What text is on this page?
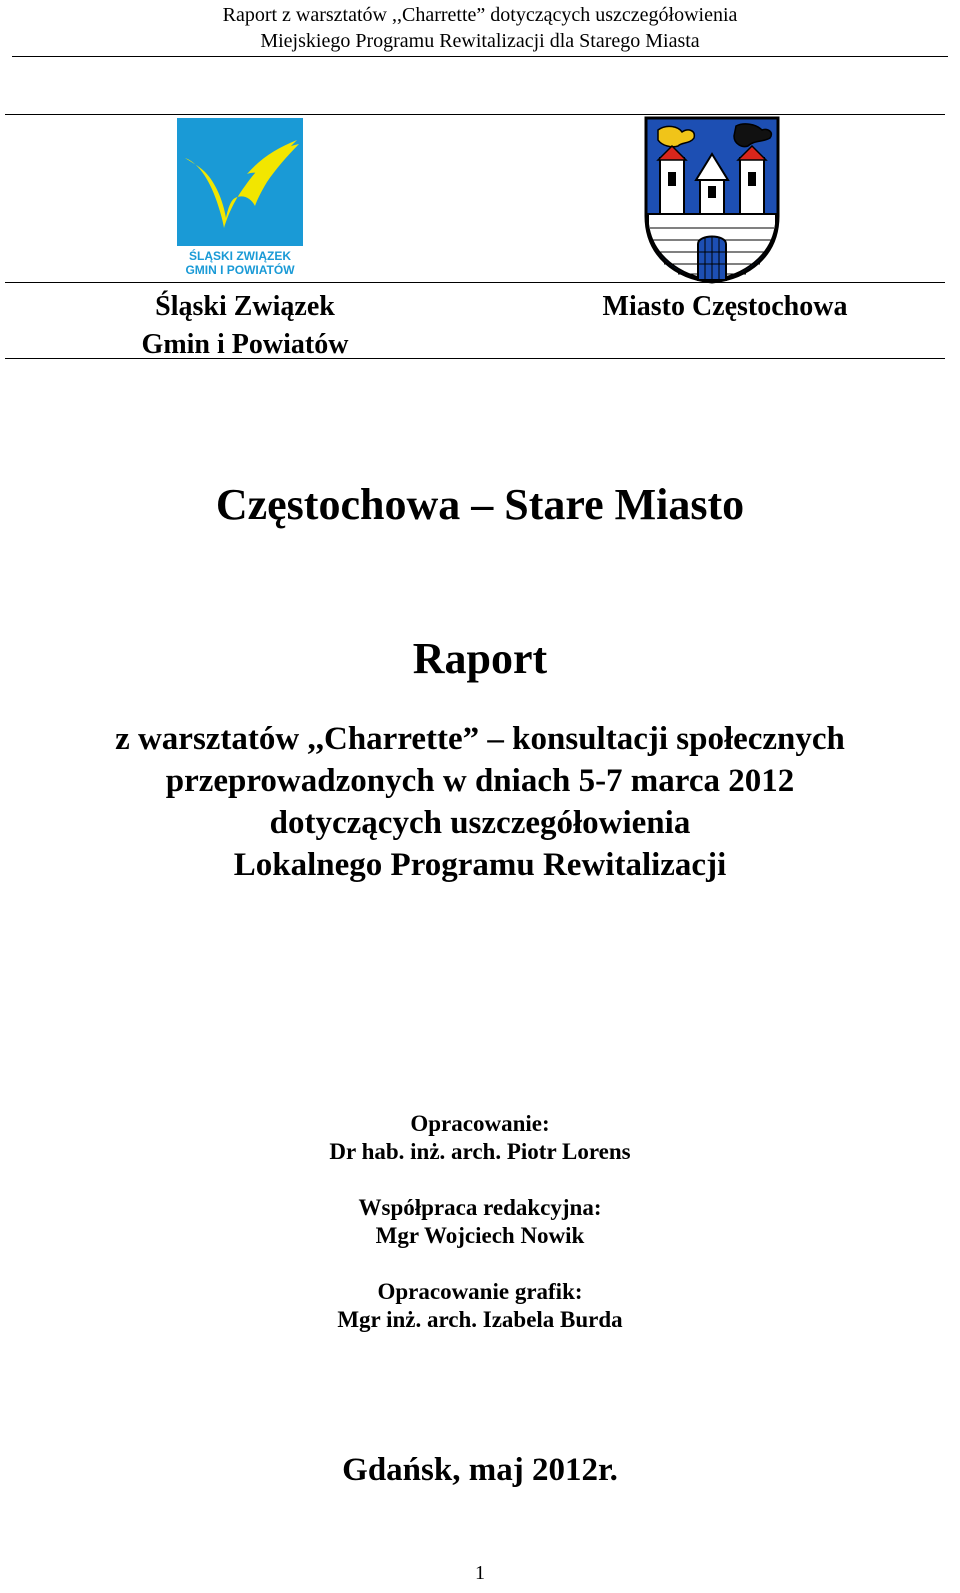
Raport z warsztatów ,,Charrette” dotyczących uszczegółowienia
Miejskiego Programu Rewitalizacji dla Starego Miasta
ŚLĄSKI ZWIĄZEK
GMIN I POWIATÓW
Śląski Związek
Gmin i Powiatów
Miasto Częstochowa
Częstochowa – Stare Miasto
Raport
z warsztatów ,,Charrette” – konsultacji społecznych
przeprowadzonych w dniach 5-7 marca 2012
dotyczących uszczegółowienia
Lokalnego Programu Rewitalizacji
Opracowanie:
Dr hab. inż. arch. Piotr Lorens
Współpraca redakcyjna:
Mgr Wojciech Nowik
Opracowanie grafik:
Mgr inż. arch. Izabela Burda
Gdańsk, maj 2012r.
1
